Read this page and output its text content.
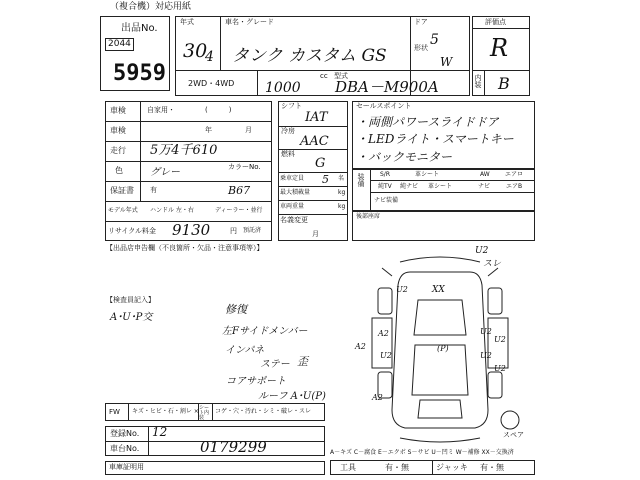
（複合機）対応用紙
出品No.
2044
5959
年式	車名・グレード
30
4 タンク カスタム GS
ドア
5
形状
W
2WD・4WD
cc
1000
型式
DBA－M900A
評価点
R
内装 B
車検	自家用・	(　　　)
車検	年	月
走行 5万4千610
色	グレー	カラーNo.
保証書 有	B67
モデル年式 ハンドル 左・右	ディーラー・並行
リサイクル料金 9130	円 預託済
【出品店申告欄（不良箇所・欠品・注意事項等）】
シフト
IAT
冷房
AAC
燃料
G
乗車定員 5 名
最大積載量	kg
車両重量	kg
名義変更
月
セールスポイント
・両側パワースライドドア
・LEDライト・スマートキー
・バックモニター
装備	S/R	革シート	AW	エアロ
純TV 純ナビ 革シート	ナビ	エアB
ナビ装備
後部座席
【検査員記入】
A･U･P交
修復
左Fサイドメンバー
インパネ
ステー 歪
コアサポート
ルーフ A･U(P)
U2
スレ
XX
U2
A2	U2
U2
(P)
U2	U2
A2
U2
A2
スペア
FW キズ・ヒビ・石・割レ × シート内装
コゲ・穴・汚れ・シミ・破レ・スレ
登録No. 12
車台No.	0179299
車庫証明用
A－キズ C－腐食 E－エクボ S－サビ U－凹ミ W－補修 XX－交換済
工具	有・無	ジャッキ 有・無
